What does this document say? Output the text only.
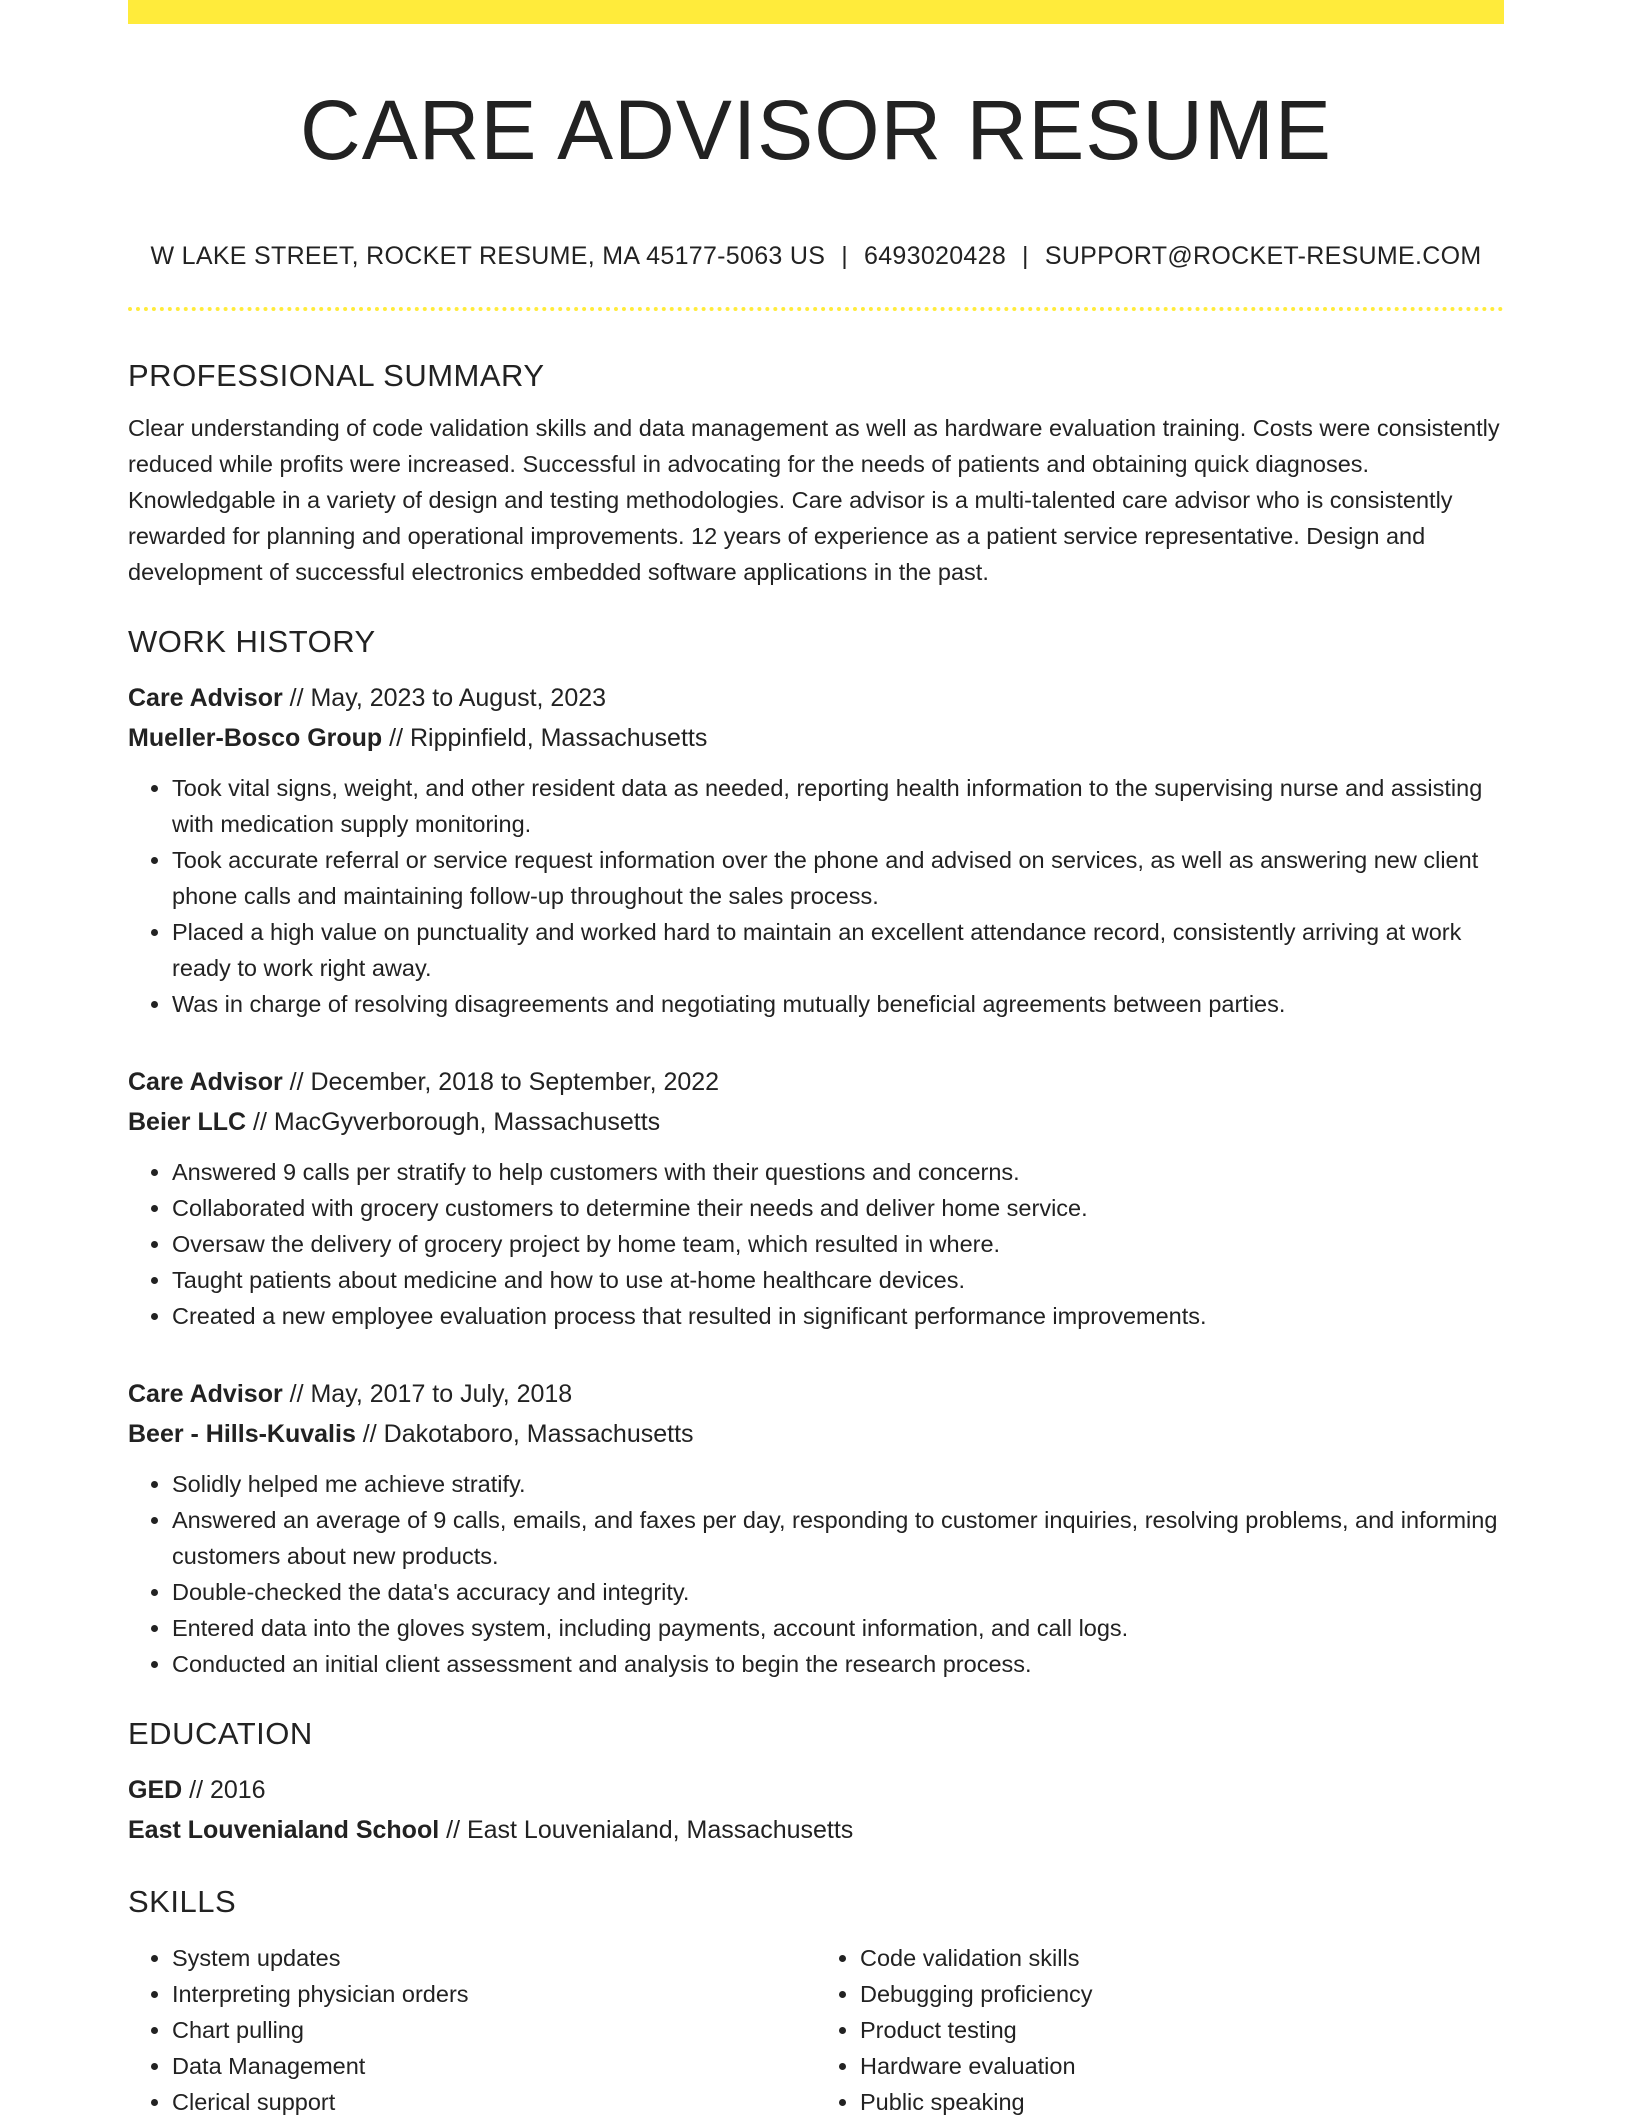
CARE ADVISOR RESUME
W LAKE STREET, ROCKET RESUME, MA 45177-5063 US | 6493020428 | SUPPORT@ROCKET-RESUME.COM
PROFESSIONAL SUMMARY

Clear understanding of code validation skills and data management as well as hardware evaluation training. Costs were consistently reduced while profits were increased. Successful in advocating for the needs of patients and obtaining quick diagnoses. Knowledgable in a variety of design and testing methodologies. Care advisor is a multi-talented care advisor who is consistently rewarded for planning and operational improvements. 12 years of experience as a patient service representative. Design and development of successful electronics embedded software applications in the past.

WORK HISTORY
Care Advisor // May, 2023 to August, 2023
Mueller-Bosco Group // Rippinfield, Massachusetts
• Took vital signs, weight, and other resident data as needed, reporting health information to the supervising nurse and assisting with medication supply monitoring.
• Took accurate referral or service request information over the phone and advised on services, as well as answering new client phone calls and maintaining follow-up throughout the sales process.
• Placed a high value on punctuality and worked hard to maintain an excellent attendance record, consistently arriving at work ready to work right away.
• Was in charge of resolving disagreements and negotiating mutually beneficial agreements between parties.
Care Advisor // December, 2018 to September, 2022
Beier LLC // MacGyverborough, Massachusetts
• Answered 9 calls per stratify to help customers with their questions and concerns.
• Collaborated with grocery customers to determine their needs and deliver home service.
• Oversaw the delivery of grocery project by home team, which resulted in where.
• Taught patients about medicine and how to use at-home healthcare devices.
• Created a new employee evaluation process that resulted in significant performance improvements.
Care Advisor // May, 2017 to July, 2018
Beer - Hills-Kuvalis // Dakotaboro, Massachusetts
• Solidly helped me achieve stratify.
• Answered an average of 9 calls, emails, and faxes per day, responding to customer inquiries, resolving problems, and informing customers about new products.
• Double-checked the data's accuracy and integrity.
• Entered data into the gloves system, including payments, account information, and call logs.
• Conducted an initial client assessment and analysis to begin the research process.
EDUCATION
GED // 2016
East Louvenialand School // East Louvenialand, Massachusetts
SKILLS
• System updates
• Interpreting physician orders
• Chart pulling
• Data Management
• Clerical support
• Code validation skills
• Debugging proficiency
• Product testing
• Hardware evaluation
• Public speaking
